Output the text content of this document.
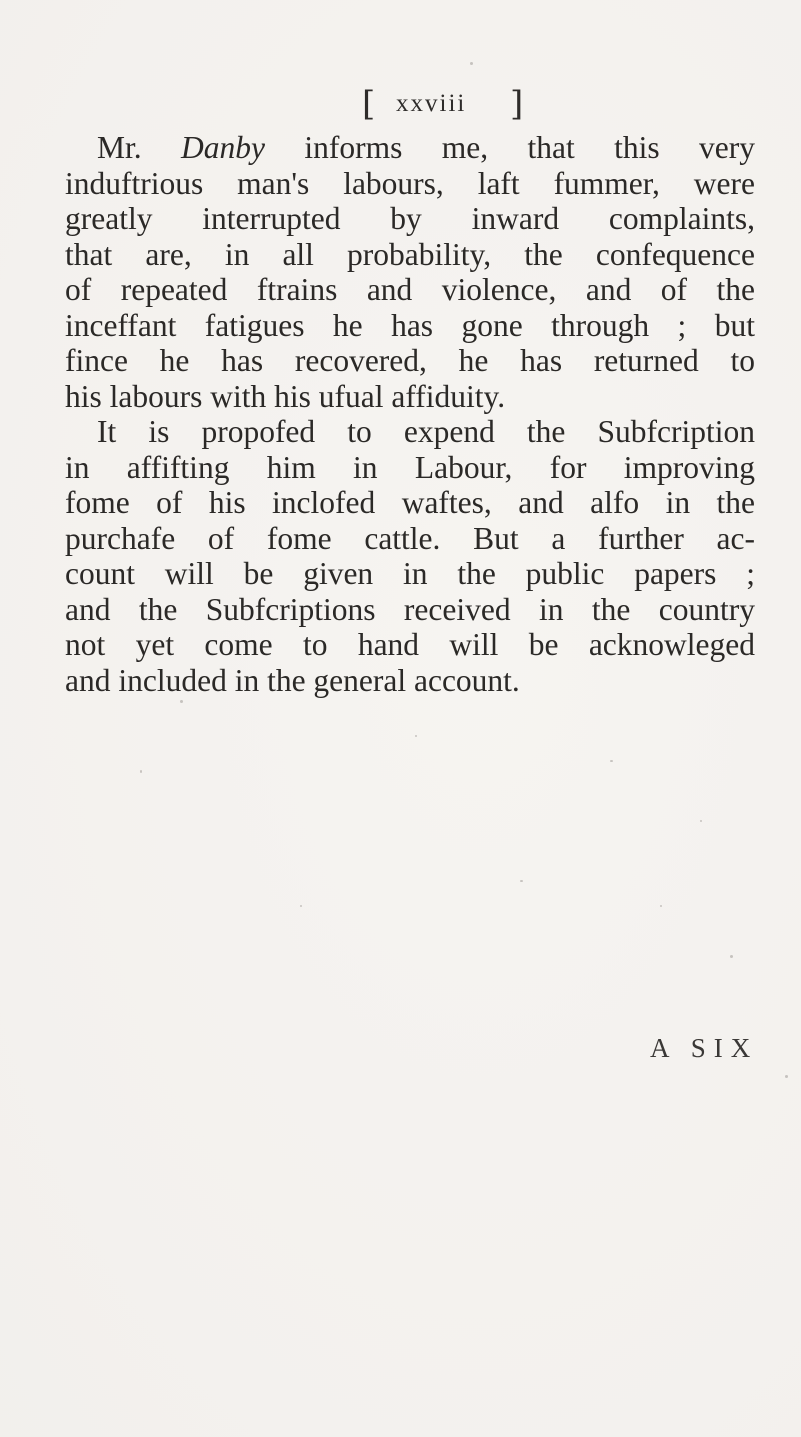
[ xxviii ]
Mr. Danby informs me, that this very
induftrious man's labours, laft fummer, were
greatly interrupted by inward complaints,
that are, in all probability, the confequence
of repeated ftrains and violence, and of the
inceffant fatigues he has gone through ; but
fince he has recovered, he has returned to
his labours with his ufual affiduity.
It is propofed to expend the Subfcription
in affifting him in Labour, for improving
fome of his inclofed waftes, and alfo in the
purchafe of fome cattle. But a further ac-
count will be given in the public papers ;
and the Subfcriptions received in the country
not yet come to hand will be acknowleged
and included in the general account.
A SIX
